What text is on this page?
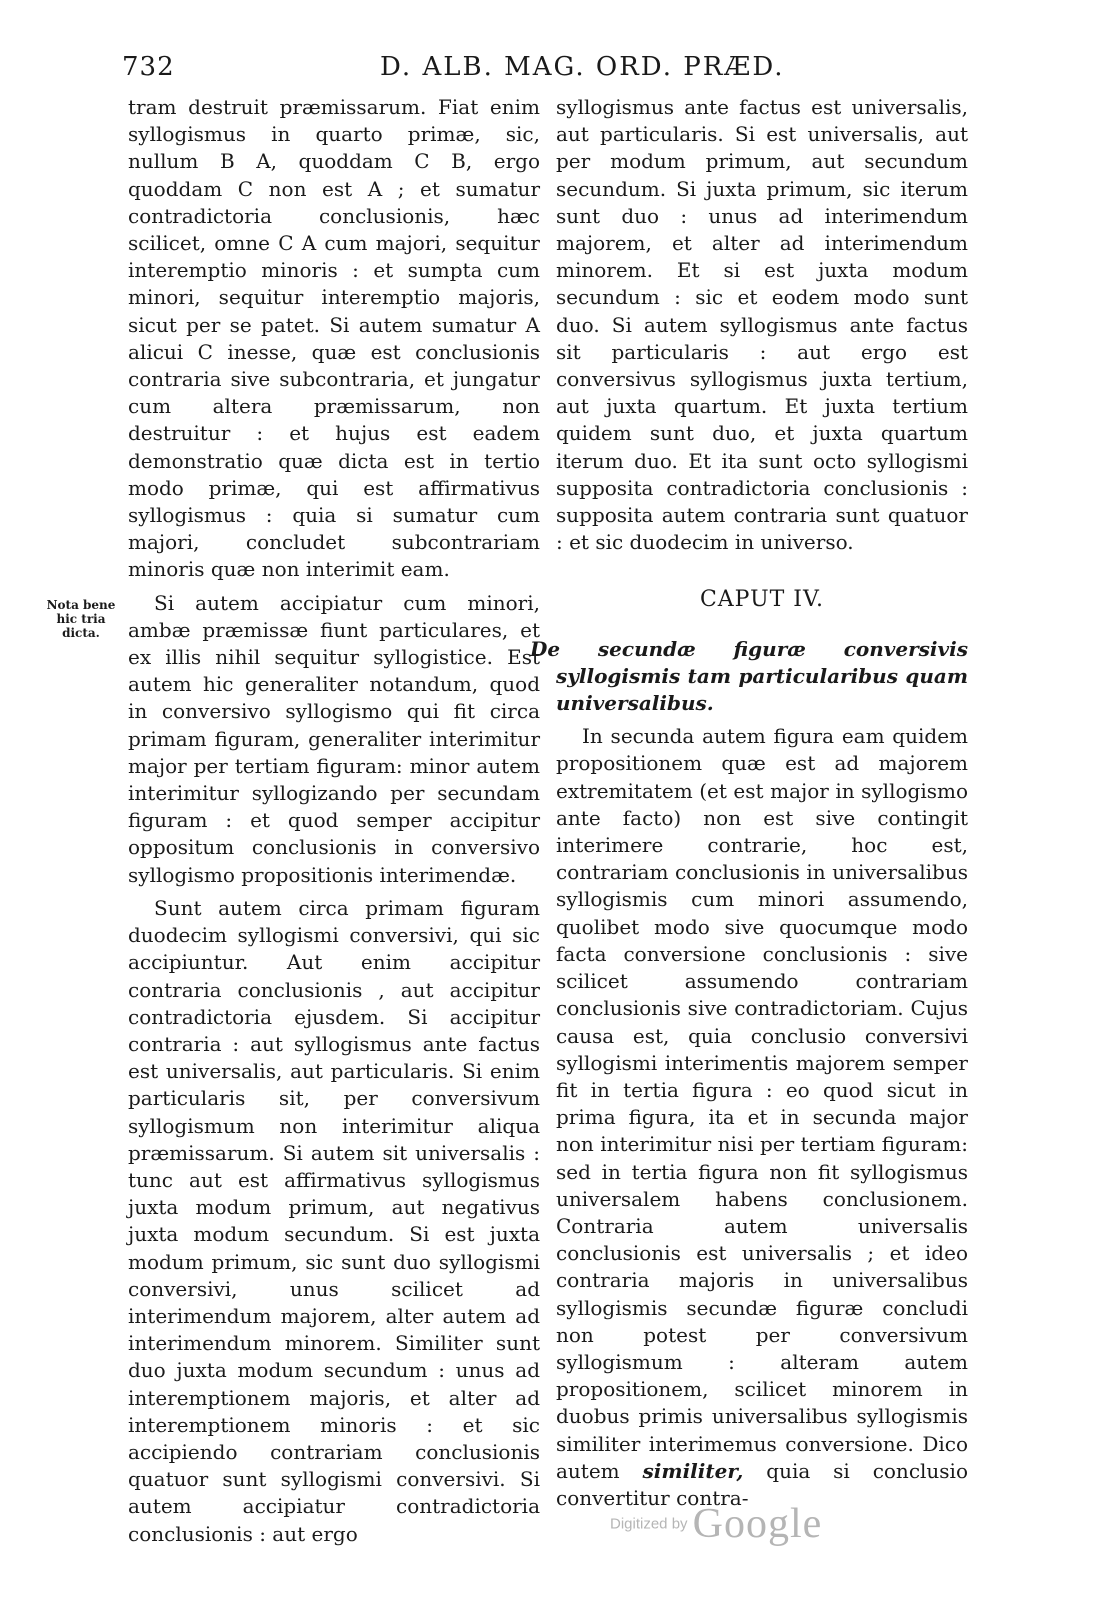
732	D. ALB. MAG. ORD. PRÆD.
Nota bene hic tria dicta.

tram destruit præmissarum. Fiat enim syllogismus in quarto primæ, sic, nullum B A, quoddam C B, ergo quoddam C non est A ; et sumatur contradictoria conclusionis, hæc scilicet, omne C A cum majori, sequitur interemptio minoris : et sumpta cum minori, sequitur interemptio majoris, sicut per se patet. Si autem sumatur A alicui C inesse, quæ est conclusionis contraria sive subcontraria, et jungatur cum altera præmissarum, non destruitur : et hujus est eadem demonstratio quæ dicta est in tertio modo primæ, qui est affirmativus syllogismus : quia si sumatur cum majori, concludet subcontrariam minoris quæ non interimit eam.

Si autem accipiatur cum minori, ambæ præmissæ fiunt particulares, et ex illis nihil sequitur syllogistice. Est autem hic generaliter notandum, quod in conversivo syllogismo qui fit circa primam figuram, generaliter interimitur major per tertiam figuram: minor autem interimitur syllogizando per secundam figuram : et quod semper accipitur oppositum conclusionis in conversivo syllogismo propositionis interimendæ.

Sunt autem circa primam figuram duodecim syllogismi conversivi, qui sic accipiuntur. Aut enim accipitur contraria conclusionis , aut accipitur contradictoria ejusdem. Si accipitur contraria : aut syllogismus ante factus est universalis, aut particularis. Si enim particularis sit, per conversivum syllogismum non interimitur aliqua præmissarum. Si autem sit universalis : tunc aut est affirmativus syllogismus juxta modum primum, aut negativus juxta modum secundum. Si est juxta modum primum, sic sunt duo syllogismi conversivi, unus scilicet ad interimendum majorem, alter autem ad interimendum minorem. Similiter sunt duo juxta modum secundum : unus ad interemptionem majoris, et alter ad interemptionem minoris : et sic accipiendo contrariam conclusionis quatuor sunt syllogismi conversivi. Si autem accipiatur contradictoria conclusionis : aut ergo

syllogismus ante factus est universalis, aut particularis. Si est universalis, aut per modum primum, aut secundum secundum. Si juxta primum, sic iterum sunt duo : unus ad interimendum majorem, et alter ad interimendum minorem. Et si est juxta modum secundum : sic et eodem modo sunt duo. Si autem syllogismus ante factus sit particularis : aut ergo est conversivus syllogismus juxta tertium, aut juxta quartum. Et juxta tertium quidem sunt duo, et juxta quartum iterum duo. Et ita sunt octo syllogismi supposita contradictoria conclusionis : supposita autem contraria sunt quatuor : et sic duodecim in universo.

CAPUT IV.

De secundæ figuræ conversivis syllogismis tam particularibus quam universalibus.

In secunda autem figura eam quidem propositionem quæ est ad majorem extremitatem (et est major in syllogismo ante facto) non est sive contingit interimere contrarie, hoc est, contrariam conclusionis in universalibus syllogismis cum minori assumendo, quolibet modo sive quocumque modo facta conversione conclusionis : sive scilicet assumendo contrariam conclusionis sive contradictoriam. Cujus causa est, quia conclusio conversivi syllogismi interimentis majorem semper fit in tertia figura : eo quod sicut in prima figura, ita et in secunda major non interimitur nisi per tertiam figuram: sed in tertia figura non fit syllogismus universalem habens conclusionem. Contraria autem universalis conclusionis est universalis ; et ideo contraria majoris in universalibus syllogismis secundæ figuræ concludi non potest per conversivum syllogismum : alteram autem propositionem, scilicet minorem in duobus primis universalibus syllogismis similiter interimemus conversione. Dico autem similiter, quia si conclusio convertitur contra-

Digitized by Google
